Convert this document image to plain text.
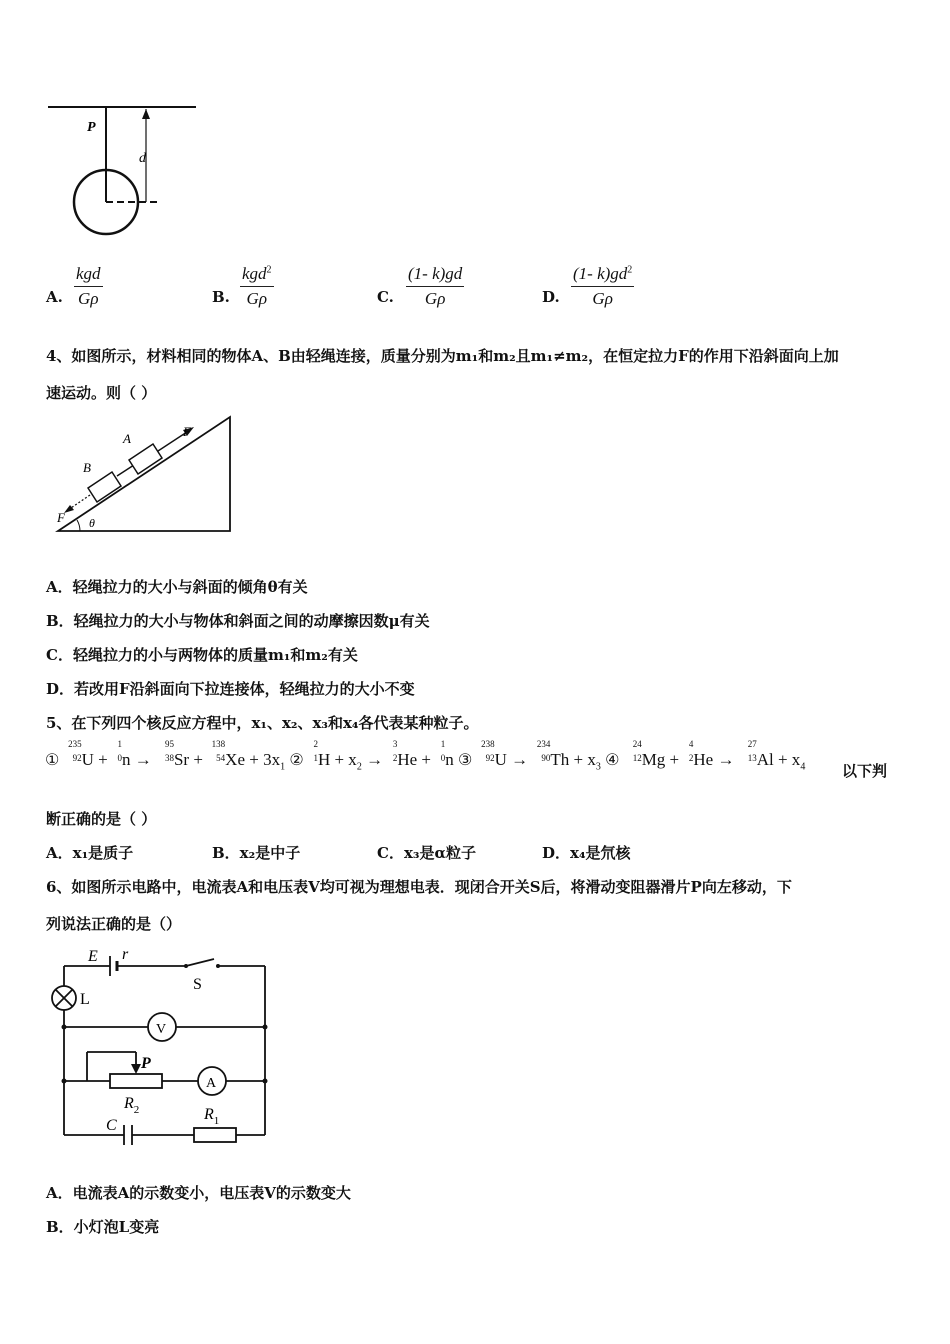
P
d
A.
kgd
Gρ	B.
kgd$^2$
Gρ	C. $\frac{(1- k)gd}{G\rho}$	D. $\frac{(1- k)gd^2}{G\rho}$
4、如图所示，材料相同的物体A、B由轻绳连接，质量分别为m₁和m₂且m₁≠m₂，在恒定拉力F的作用下沿斜面向上加
速运动。则（ ）
A
B
F
F θ
A．轻绳拉力的大小与斜面的倾角θ有关
B．轻绳拉力的大小与物体和斜面之间的动摩擦因数μ有关
C．轻绳拉力的小与两物体的质量m₁和m₂有关
D．若改用F沿斜面向下拉连接体，轻绳拉力的大小不变
5、在下列四个核反应方程中，x₁、x₂、x₃和x₄各代表某种粒子。
①
235
92 U +
1
0 n →
95
38 Sr +
138
54 $Xe + 3x_1$ ②
2
1 $H + x_2$ →
3
2 He +
1
0 n ③
238
92 U →
234
90 $Th + x_3$ ④
24
12 Mg +
4
2 He →
27
13 $Al + x_4$ 以下判
断正确的是（ ）
A．x₁是质子	B．x₂是中子	C．x₃是α粒子	D．x₄是氘核
6、如图所示电路中，电流表A和电压表V均可视为理想电表．现闭合开关S后，将滑动变阻器滑片P向左移动，下
列说法正确的是（）
E r
S
L
V
P
A
$R_2$
C
$R_1$
A．电流表A的示数变小，电压表V的示数变大
B．小灯泡L变亮
